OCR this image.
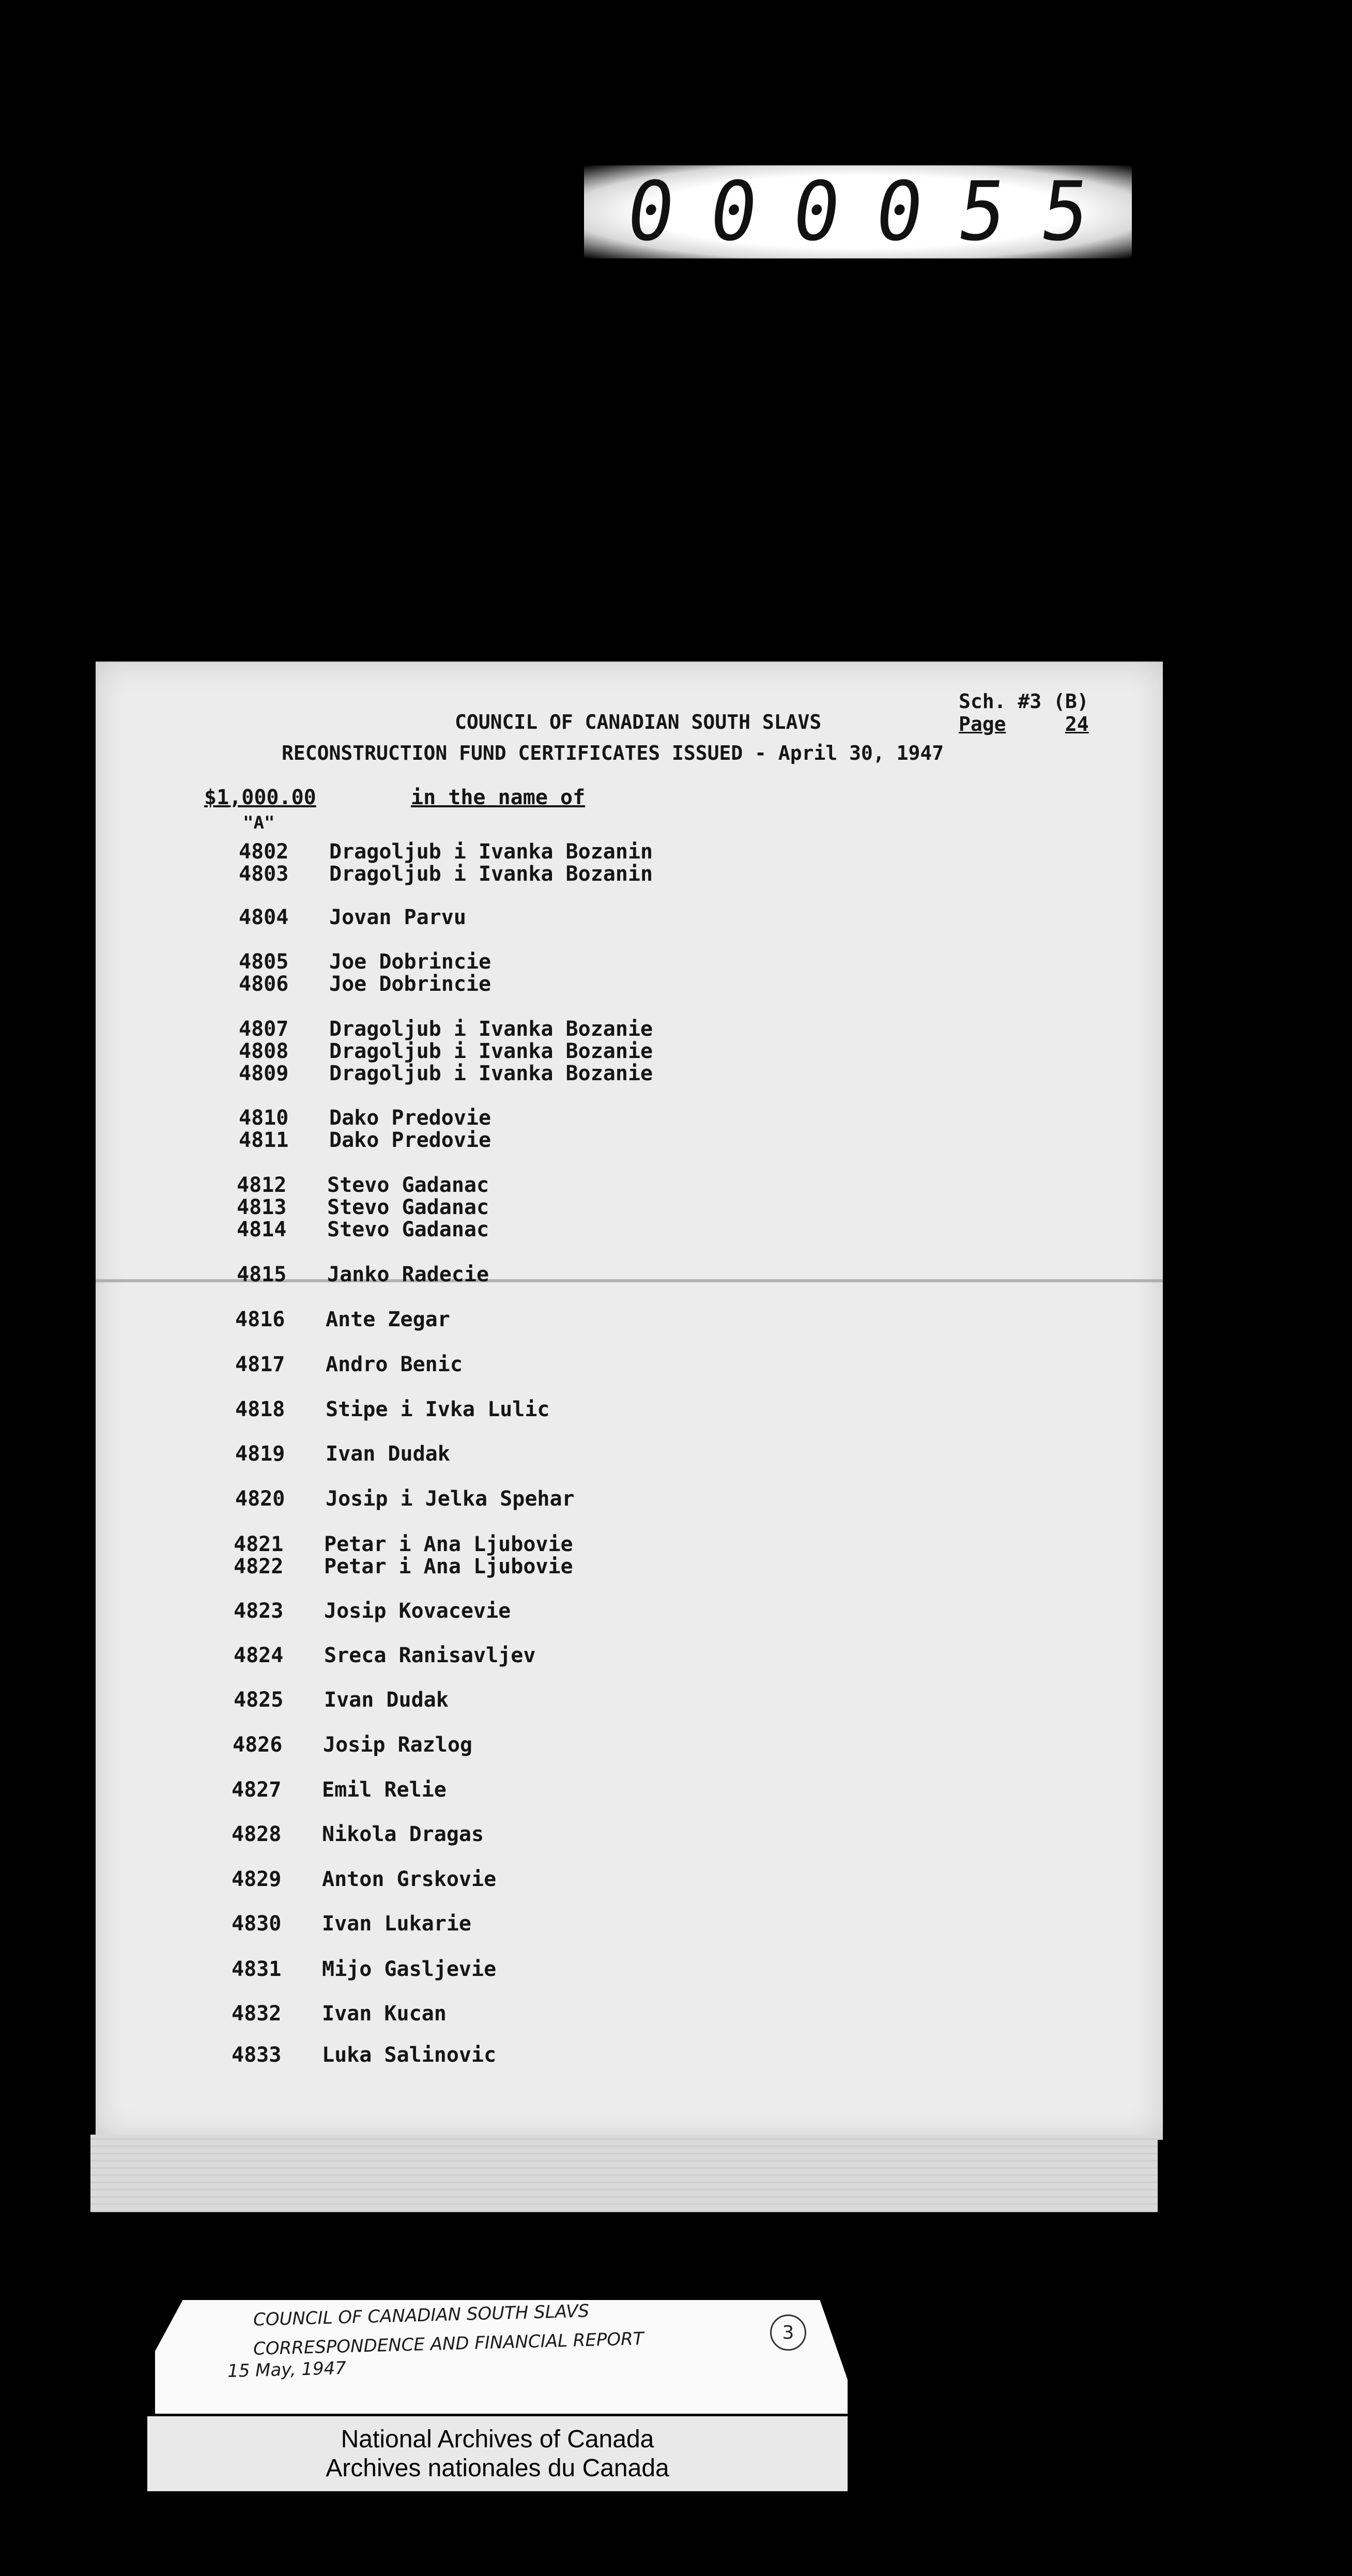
000055
Sch. #3 (B)
Page	24
COUNCIL OF CANADIAN SOUTH SLAVS
RECONSTRUCTION FUND CERTIFICATES ISSUED - April 30, 1947
$1,000.00	in the name of
"A"
4802 Dragoljub i Ivanka Bozanin
4803 Dragoljub i Ivanka Bozanin
4804 Jovan Parvu
4805 Joe Dobrincie
4806 Joe Dobrincie
4807 Dragoljub i Ivanka Bozanie
4808 Dragoljub i Ivanka Bozanie
4809 Dragoljub i Ivanka Bozanie
4810 Dako Predovie
4811 Dako Predovie
4812 Stevo Gadanac
4813 Stevo Gadanac
4814 Stevo Gadanac
4815 Janko Radecie
4816 Ante Zegar
4817 Andro Benic
4818 Stipe i Ivka Lulic
4819 Ivan Dudak
4820 Josip i Jelka Spehar
4821 Petar i Ana Ljubovie
4822 Petar i Ana Ljubovie
4823 Josip Kovacevie
4824 Sreca Ranisavljev
4825 Ivan Dudak
4826 Josip Razlog
4827 Emil Relie
4828 Nikola Dragas
4829 Anton Grskovie
4830 Ivan Lukarie
4831 Mijo Gasljevie
4832 Ivan Kucan
4833 Luka Salinovic
COUNCIL OF CANADIAN SOUTH SLAVS
CORRESPONDENCE AND FINANCIAL REPORT
15 May, 1947
3
National Archives of Canada
Archives nationales du Canada
